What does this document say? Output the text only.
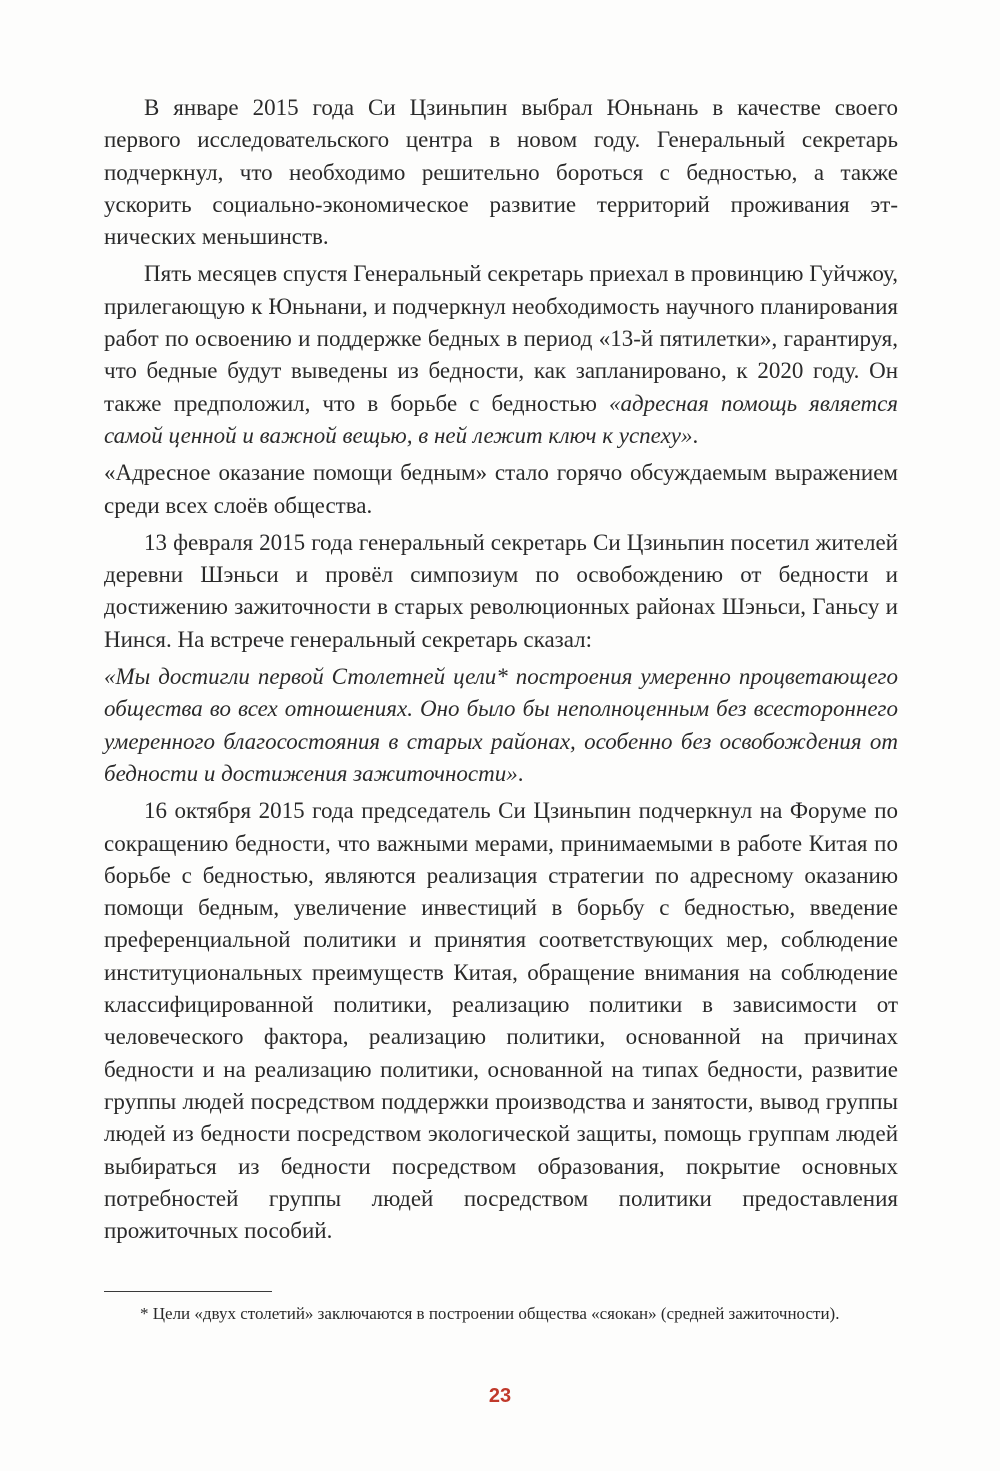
В январе 2015 года Си Цзиньпин выбрал Юньнань в качестве своего первого исследовательского центра в новом году. Генеральный секретарь подчеркнул, что необходимо решительно бороться с бедностью, а также ускорить социально-экономическое развитие территорий проживания этнических меньшинств.

Пять месяцев спустя Генеральный секретарь приехал в провинцию Гуйчжоу, прилегающую к Юньнани, и подчеркнул необходимость научного планирования работ по освоению и поддержке бедных в период «13-й пятилетки», гарантируя, что бедные будут выведены из бедности, как запланировано, к 2020 году. Он также предположил, что в борьбе с бедностью «адресная помощь является самой ценной и важной вещью, в ней лежит ключ к успеху».

«Адресное оказание помощи бедным» стало горячо обсуждаемым выражением среди всех слоёв общества.

13 февраля 2015 года генеральный секретарь Си Цзиньпин посетил жителей деревни Шэньси и провёл симпозиум по освобождению от бедности и достижению зажиточности в старых революционных районах Шэньси, Ганьсу и Нинся. На встрече генеральный секретарь сказал:

«Мы достигли первой Столетней цели* построения умеренно процветающего общества во всех отношениях. Оно было бы неполноценным без всестороннего умеренного благосостояния в старых районах, особенно без освобождения от бедности и достижения зажиточности».

16 октября 2015 года председатель Си Цзиньпин подчеркнул на Форуме по сокращению бедности, что важными мерами, принимаемыми в работе Китая по борьбе с бедностью, являются реализация стратегии по адресному оказанию помощи бедным, увеличение инвестиций в борьбу с бедностью, введение преференциальной политики и принятия соответствующих мер, соблюдение институциональных преимуществ Китая, обращение внимания на соблюдение классифицированной политики, реализацию политики в зависимости от человеческого фактора, реализацию политики, основанной на причинах бедности и на реализацию политики, основанной на типах бедности, развитие группы людей посредством поддержки производства и занятости, вывод группы людей из бедности посредством экологической защиты, помощь группам людей выбираться из бедности посредством образования, покрытие основных потребностей группы людей посредством политики предоставления прожиточных пособий.

* Цели «двух столетий» заключаются в построении общества «сяокан» (средней зажиточности).
23
